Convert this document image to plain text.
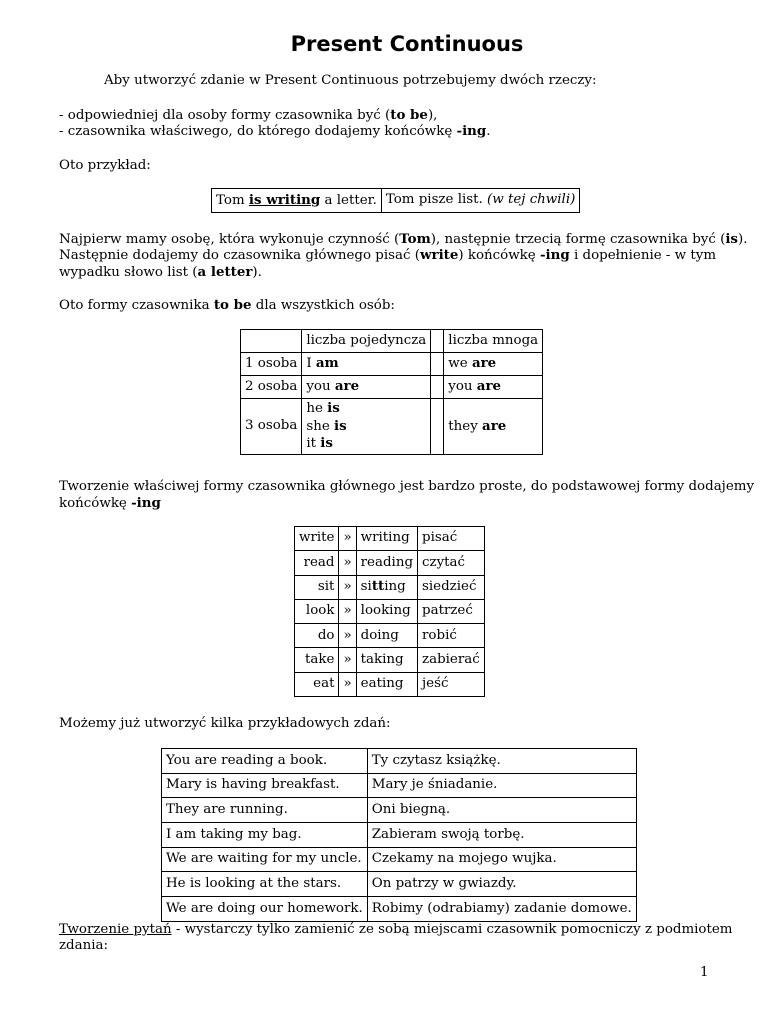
Present Continuous

Aby utworzyć zdanie w Present Continuous potrzebujemy dwóch rzeczy:

- odpowiedniej dla osoby formy czasownika być (to be),

- czasownika właściwego, do którego dodajemy końcówkę -ing.

Oto przykład:

Tom is writing a letter.	Tom pisze list. (w tej chwili)

Najpierw mamy osobę, która wykonuje czynność (Tom), następnie trzecią formę czasownika być (is).

Następnie dodajemy do czasownika głównego pisać (write) końcówkę -ing i dopełnienie - w tym

wypadku słowo list (a letter).

Oto formy czasownika to be dla wszystkich osób:

	liczba pojedyncza		liczba mnoga
1 osoba	I am		we are
2 osoba	you are		you are
3 osoba	he is
she is
it is		they are

Tworzenie właściwej formy czasownika głównego jest bardzo proste, do podstawowej formy dodajemy

końcówkę -ing

write	»	writing	pisać
read	»	reading	czytać
sit	»	sitting	siedzieć
look	»	looking	patrzeć
do	»	doing	robić
take	»	taking	zabierać
eat	»	eating	jeść

Możemy już utworzyć kilka przykładowych zdań:

You are reading a book.	Ty czytasz książkę.
Mary is having breakfast.	Mary je śniadanie.
They are running.	Oni biegną.
I am taking my bag.	Zabieram swoją torbę.
We are waiting for my uncle.	Czekamy na mojego wujka.
He is looking at the stars.	On patrzy w gwiazdy.
We are doing our homework.	Robimy (odrabiamy) zadanie domowe.

Tworzenie pytań - wystarczy tylko zamienić ze sobą miejscami czasownik pomocniczy z podmiotem

zdania:

1
